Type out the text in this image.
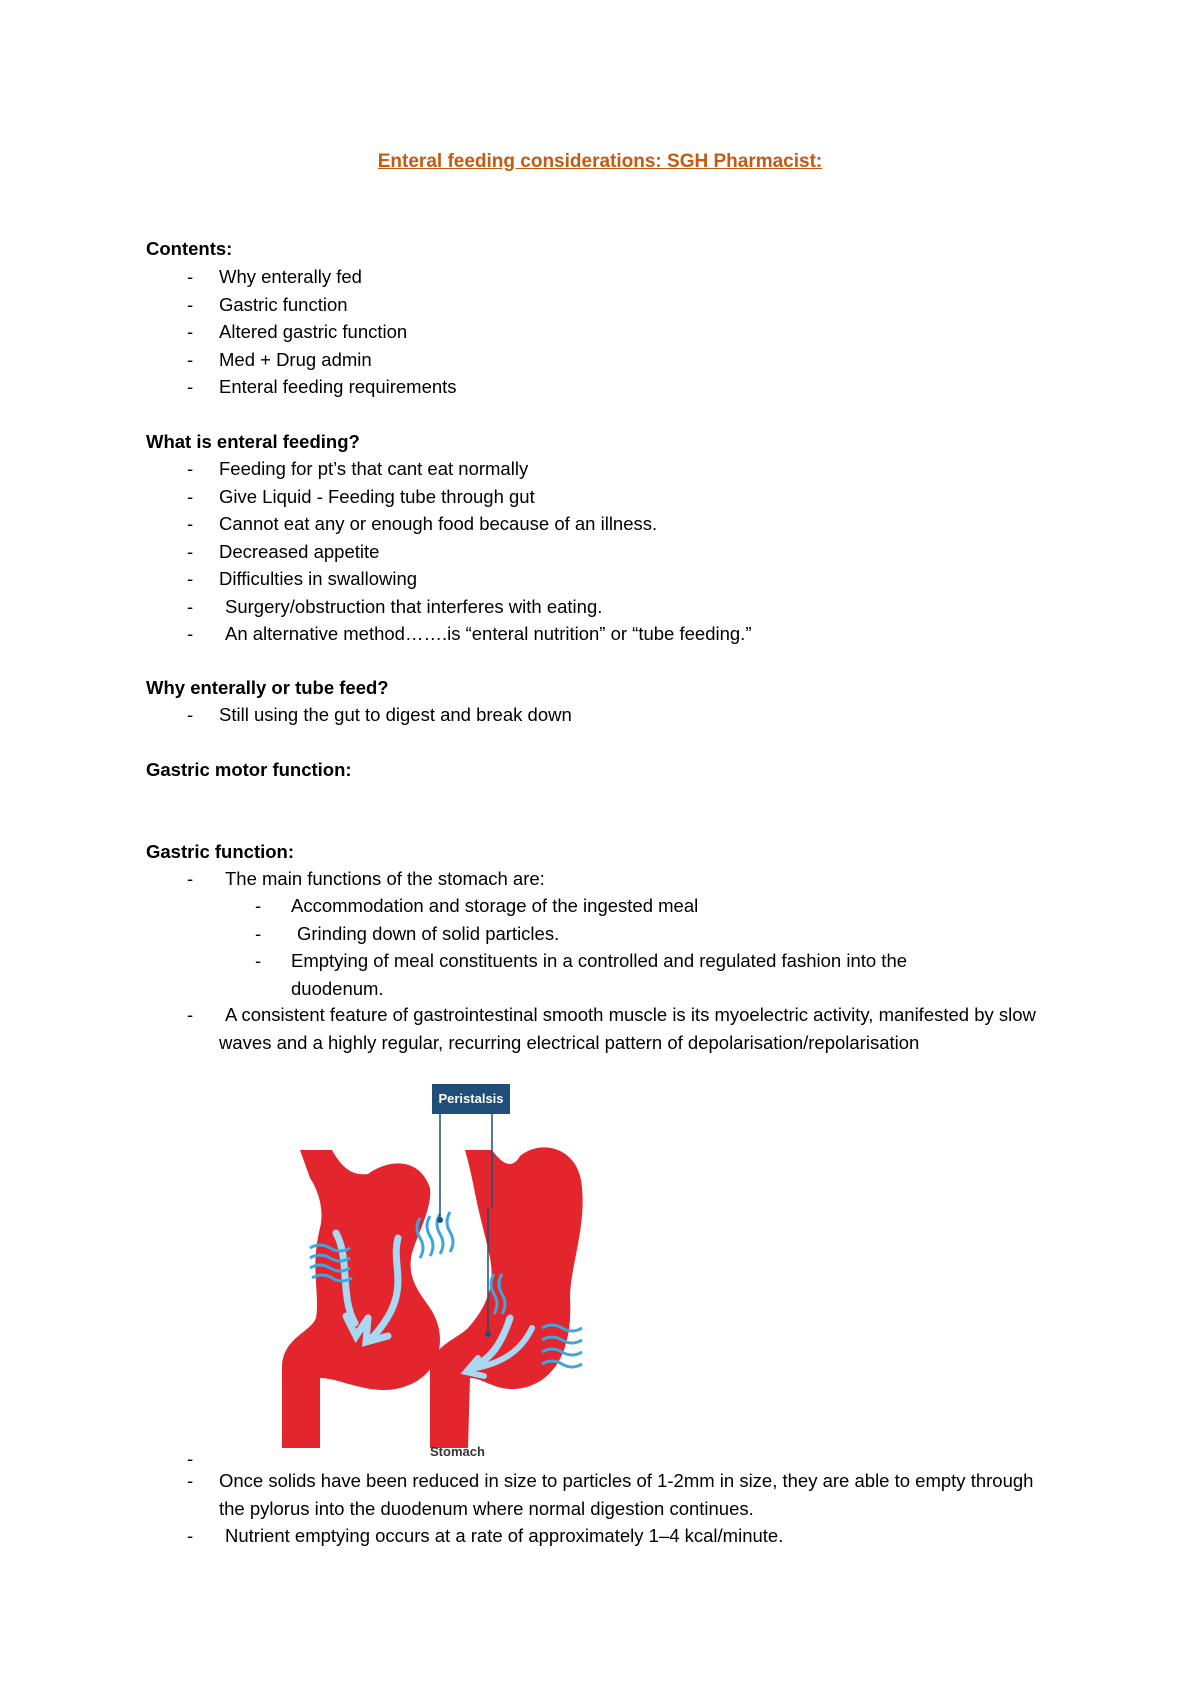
Enteral feeding considerations: SGH Pharmacist:
Contents:
- Why enterally fed
- Gastric function
- Altered gastric function
- Med + Drug admin
- Enteral feeding requirements
What is enteral feeding?
- Feeding for pt’s that cant eat normally
- Give Liquid - Feeding tube through gut
- Cannot eat any or enough food because of an illness.
- Decreased appetite
- Difficulties in swallowing
- Surgery/obstruction that interferes with eating.
- An alternative method…….is “enteral nutrition” or “tube feeding.”
Why enterally or tube feed?
- Still using the gut to digest and break down
Gastric motor function:
Gastric function:
- The main functions of the stomach are:
- Accommodation and storage of the ingested meal
- Grinding down of solid particles.
- Emptying of meal constituents in a controlled and regulated fashion into the duodenum.
- A consistent feature of gastrointestinal smooth muscle is its myoelectric activity, manifested by slow waves and a highly regular, recurring electrical pattern of depolarisation/repolarisation
Peristalsis
Stomach
-
- Once solids have been reduced in size to particles of 1-2mm in size, they are able to empty through the pylorus into the duodenum where normal digestion continues.
- Nutrient emptying occurs at a rate of approximately 1–4 kcal/minute.
